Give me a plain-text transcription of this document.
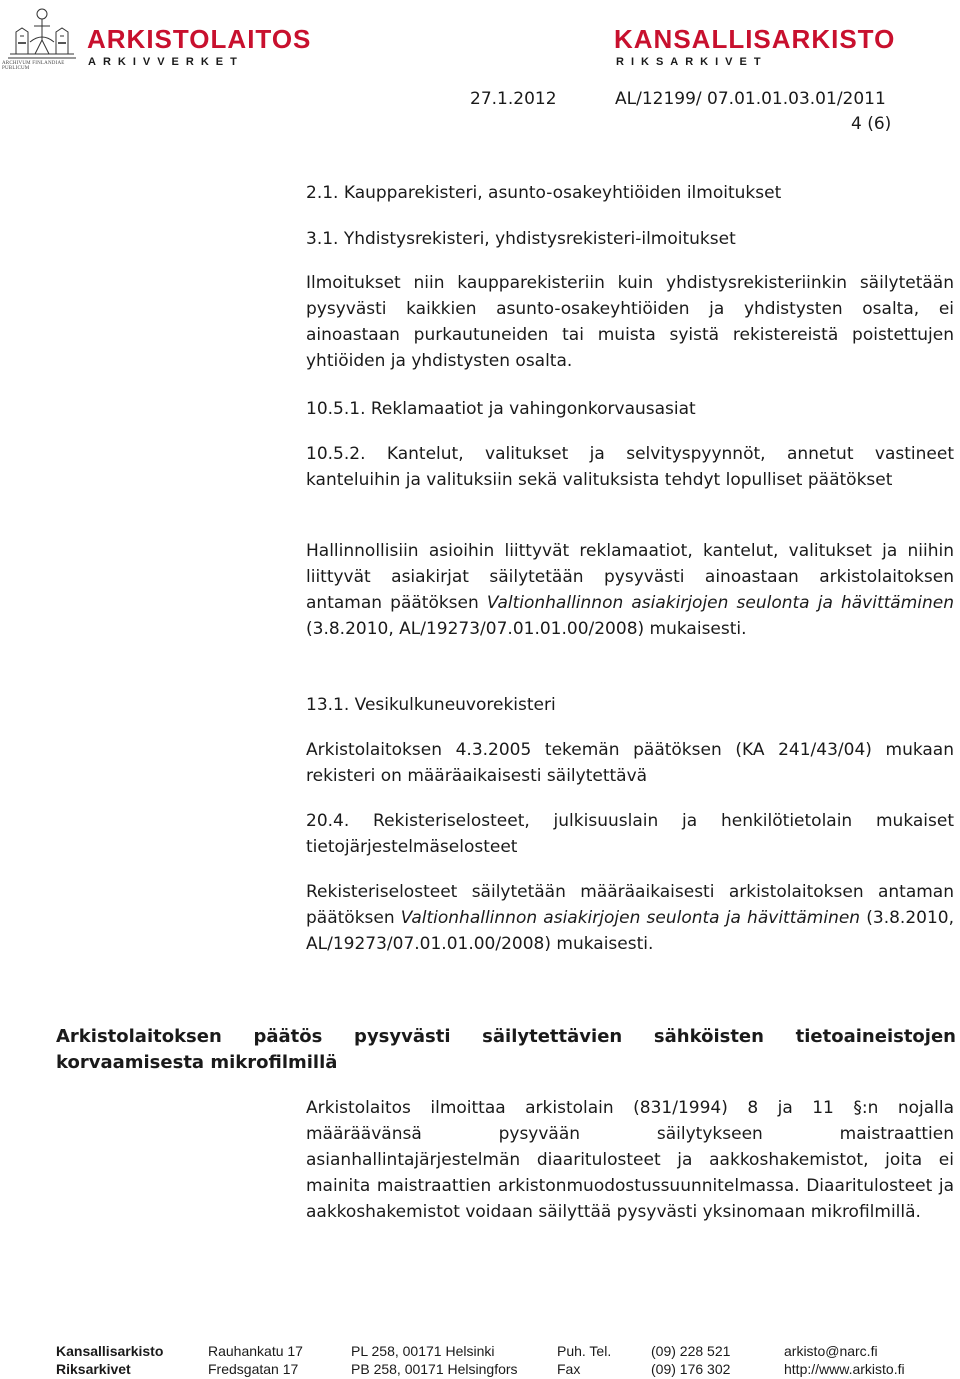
ARCHIVUM FINLANDIAE PUBLICUM
ARKISTOLAITOS
ARKIVVERKET
KANSALLISARKISTO
RIKSARKIVET
27.1.2012	AL/12199/ 07.01.01.03.01/2011
4 (6)

2.1. Kaupparekisteri, asunto-osakeyhtiöiden ilmoitukset

3.1. Yhdistysrekisteri, yhdistysrekisteri-ilmoitukset

Ilmoitukset niin kaupparekisteriin kuin yhdistysrekisteriinkin säilytetään pysyvästi kaikkien asunto-osakeyhtiöiden ja yhdistysten osalta, ei ainoastaan purkautuneiden tai muista syistä rekistereistä poistettujen yhtiöiden ja yhdistysten osalta.

10.5.1. Reklamaatiot ja vahingonkorvausasiat

10.5.2. Kantelut, valitukset ja selvityspyynnöt, annetut vastineet kanteluihin ja valituksiin sekä valituksista tehdyt lopulliset päätökset

Hallinnollisiin asioihin liittyvät reklamaatiot, kantelut, valitukset ja niihin liittyvät asiakirjat säilytetään pysyvästi ainoastaan arkistolaitoksen antaman päätöksen Valtionhallinnon asiakirjojen seulonta ja hävittäminen (3.8.2010, AL/19273/07.01.01.00/2008) mukaisesti.

13.1. Vesikulkuneuvorekisteri

Arkistolaitoksen 4.3.2005 tekemän päätöksen (KA 241/43/04) mukaan rekisteri on määräaikaisesti säilytettävä

20.4. Rekisteriselosteet, julkisuuslain ja henkilötietolain mukaiset tietojärjestelmäselosteet

Rekisteriselosteet säilytetään määräaikaisesti arkistolaitoksen antaman päätöksen Valtionhallinnon asiakirjojen seulonta ja hävittäminen (3.8.2010, AL/19273/07.01.01.00/2008) mukaisesti.

Arkistolaitoksen päätös pysyvästi säilytettävien sähköisten tietoaineistojen korvaamisesta mikrofilmillä

Arkistolaitos ilmoittaa arkistolain (831/1994) 8 ja 11 §:n nojalla määräävänsä pysyvään säilytykseen maistraattien asianhallintajärjestelmän diaaritulosteet ja aakkoshakemistot, joita ei mainita maistraattien arkistonmuodostussuunnitelmassa. Diaaritulosteet ja aakkoshakemistot voidaan säilyttää pysyvästi yksinomaan mikrofilmillä.

Kansallisarkisto
Riksarkivet
Rauhankatu 17
Fredsgatan 17
PL 258, 00171 Helsinki
PB 258, 00171 Helsingfors
Puh. Tel.
Fax
(09) 228 521
(09) 176 302
arkisto@narc.fi
http://www.arkisto.fi
